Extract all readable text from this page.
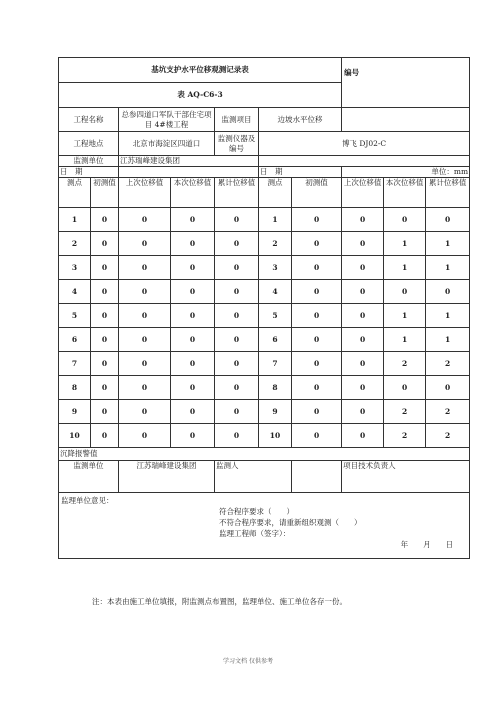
基坑支护水平位移观测记录表							编号		
表 AQ-C6-3									
工程名称		总参四道口军队干部住宅项目 4#楼工程		监测项目	边坡水平位移				
工程地点		北京市海淀区四道口		监测仪器及编号	博飞 DJ02-C				
监测单位		江苏瑞峰建设集团							
日　期					日　期		单位：mm		
测点	初测值	上次位移值	本次位移值	累计位移值	测点	初测值	上次位移值	本次位移值	累计位移值
1	0	0	0	0	1	0	0	0	0
2	0	0	0	0	2	0	0	1	1
3	0	0	0	0	3	0	0	1	1
4	0	0	0	0	4	0	0	0	0
5	0	0	0	0	5	0	0	1	1
6	0	0	0	0	6	0	0	1	1
7	0	0	0	0	7	0	0	2	2
8	0	0	0	0	8	0	0	0	0
9	0	0	0	0	9	0	0	2	2
10	0	0	0	0	10	0	0	2	2
沉降报警值									
监测单位		江苏瑞峰建设集团		监测人			项目技术负责人		

监理单位意见：
符合程序要求（　　）
不符合程序要求，请重新组织观测（　　）
监理工程师（签字）：
年　　月　　日									
注：本表由施工单位填报，附监测点布置图，监理单位、施工单位各存一份。
学习文档 仅供参考
